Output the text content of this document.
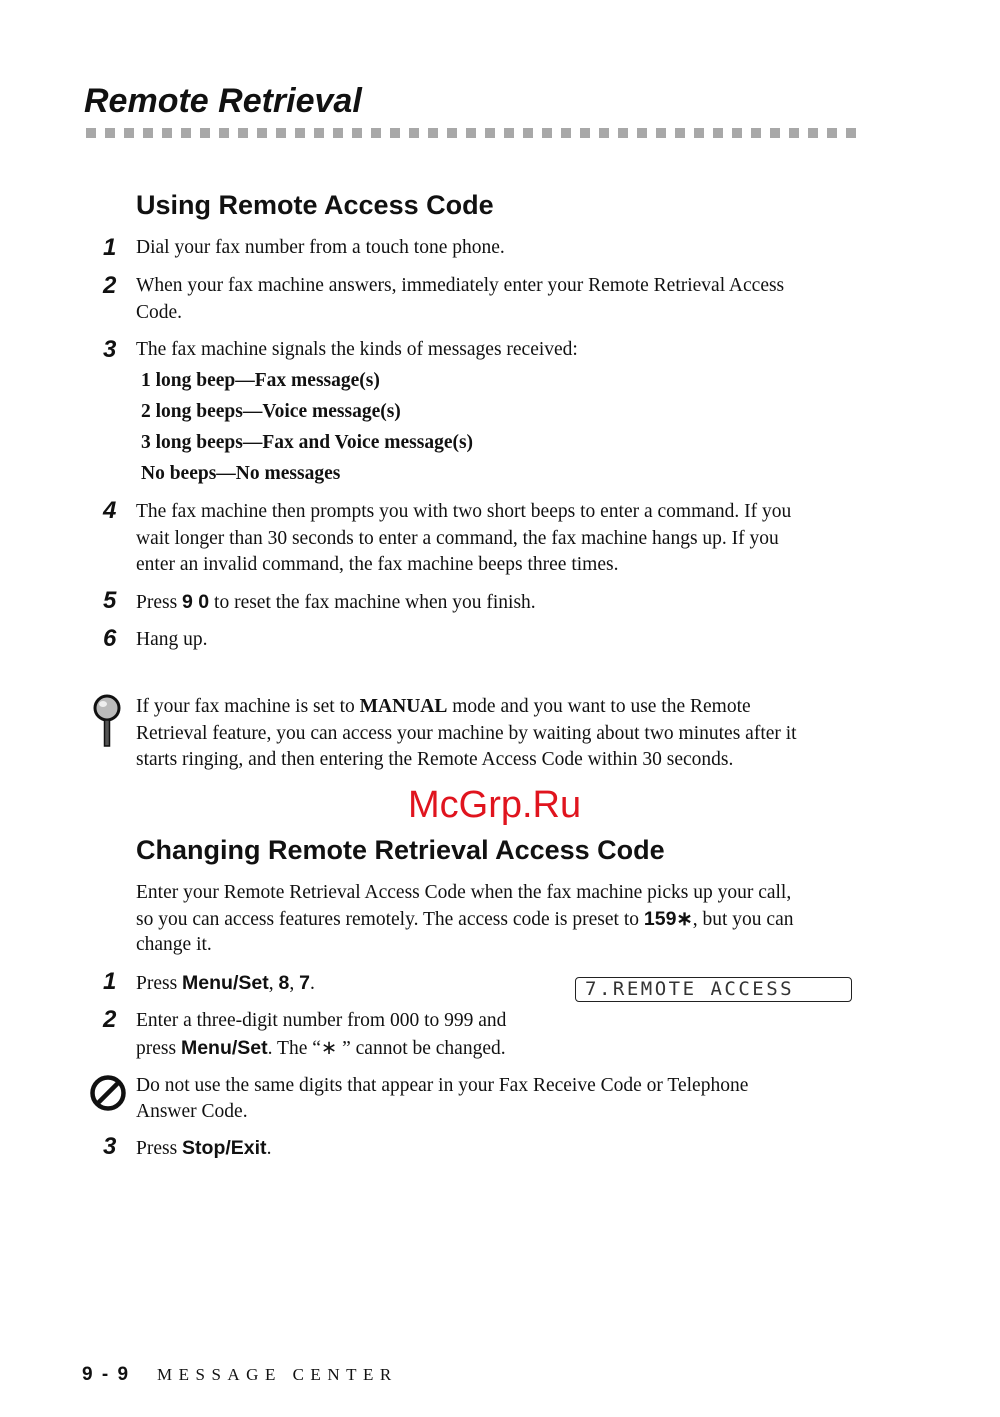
Remote Retrieval
Using Remote Access Code
1 Dial your fax number from a touch tone phone.
2 When your fax machine answers, immediately enter your Remote Retrieval Access
Code.
3 The fax machine signals the kinds of messages received:
1 long beep—Fax message(s)
2 long beeps—Voice message(s)
3 long beeps—Fax and Voice message(s)
No beeps—No messages
4 The fax machine then prompts you with two short beeps to enter a command. If you
wait longer than 30 seconds to enter a command, the fax machine hangs up. If you
enter an invalid command, the fax machine beeps three times.
5 Press 9 0 to reset the fax machine when you finish.
6 Hang up.
If your fax machine is set to MANUAL mode and you want to use the Remote
Retrieval feature, you can access your machine by waiting about two minutes after it
starts ringing, and then entering the Remote Access Code within 30 seconds.
McGrp.Ru
Changing Remote Retrieval Access Code
Enter your Remote Retrieval Access Code when the fax machine picks up your call,
so you can access features remotely. The access code is preset to 159∗, but you can
change it.
1 Press Menu/Set, 8, 7.	7.REMOTE ACCESS
2 Enter a three-digit number from 000 to 999 and
press Menu/Set. The “∗ ” cannot be changed.
Do not use the same digits that appear in your Fax Receive Code or Telephone
Answer Code.
3 Press Stop/Exit.
9 - 9 MESSAGE CENTER
